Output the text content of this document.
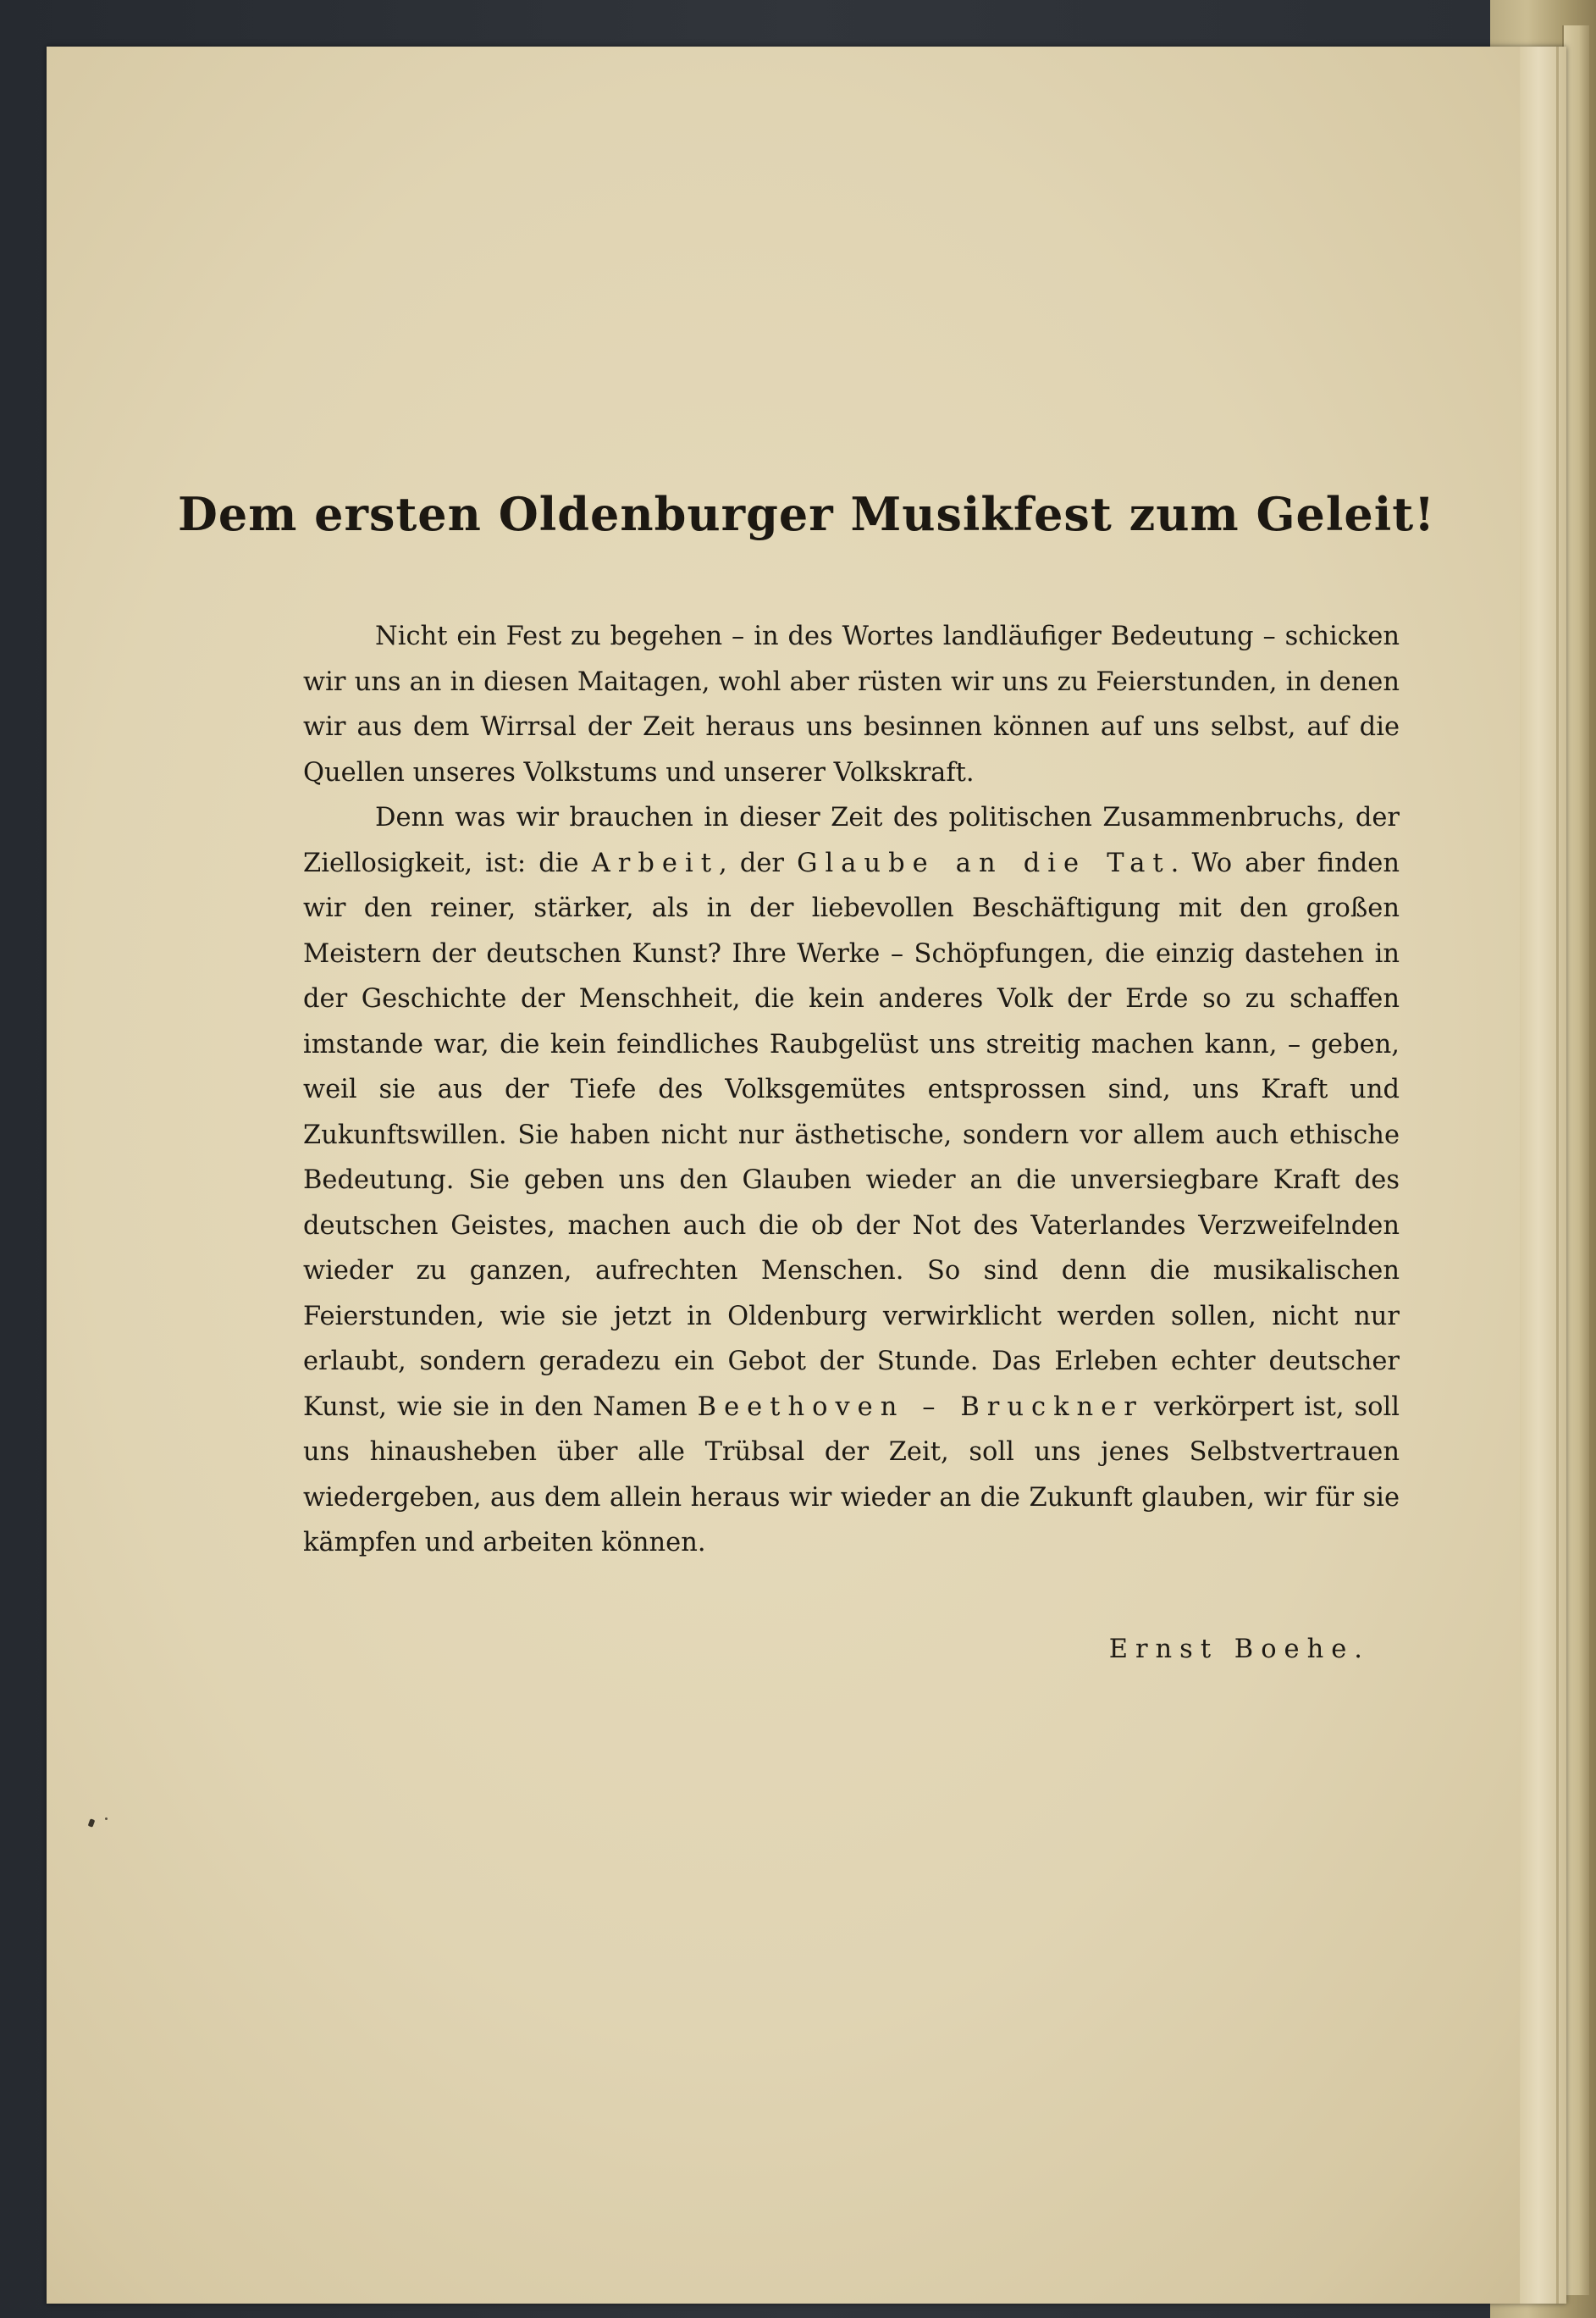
Dem ersten Oldenburger Musikfest zum Geleit!

Nicht ein Fest zu begehen – in des Wortes landläufiger Bedeutung – schicken wir uns an in diesen Maitagen, wohl aber rüsten wir uns zu Feierstunden, in denen wir aus dem Wirrsal der Zeit heraus uns besinnen können auf uns selbst, auf die Quellen unseres Volkstums und unserer Volkskraft.

Denn was wir brauchen in dieser Zeit des politischen Zusammenbruchs, der Ziellosigkeit, ist: die Arbeit, der Glaube an die Tat. Wo aber finden wir den reiner, stärker, als in der liebevollen Beschäftigung mit den großen Meistern der deutschen Kunst? Ihre Werke – Schöpfungen, die einzig dastehen in der Geschichte der Menschheit, die kein anderes Volk der Erde so zu schaffen imstande war, die kein feindliches Raubgelüst uns streitig machen kann, – geben, weil sie aus der Tiefe des Volksgemütes entsprossen sind, uns Kraft und Zukunftswillen. Sie haben nicht nur ästhetische, sondern vor allem auch ethische Bedeutung. Sie geben uns den Glauben wieder an die unversiegbare Kraft des deutschen Geistes, machen auch die ob der Not des Vaterlandes Verzweifelnden wieder zu ganzen, aufrechten Menschen. So sind denn die musikalischen Feierstunden, wie sie jetzt in Oldenburg verwirklicht werden sollen, nicht nur erlaubt, sondern geradezu ein Gebot der Stunde. Das Erleben echter deutscher Kunst, wie sie in den Namen Beethoven – Bruckner verkörpert ist, soll uns hinausheben über alle Trübsal der Zeit, soll uns jenes Selbstvertrauen wiedergeben, aus dem allein heraus wir wieder an die Zukunft glauben, wir für sie kämpfen und arbeiten können.

Ernst Boehe.
